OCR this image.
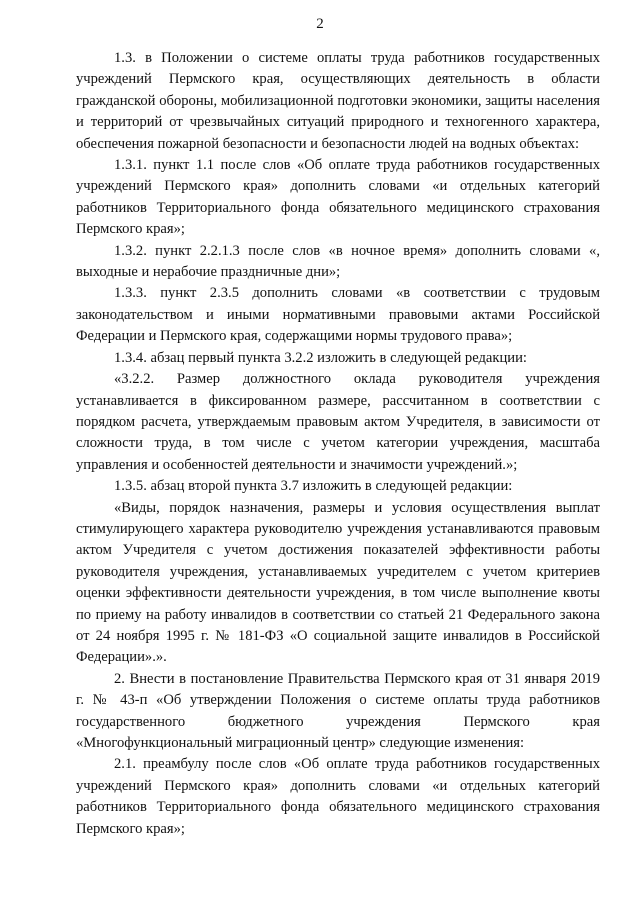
2

1.3. в Положении о системе оплаты труда работников государственных учреждений Пермского края, осуществляющих деятельность в области гражданской обороны, мобилизационной подготовки экономики, защиты населения и территорий от чрезвычайных ситуаций природного и техногенного характера, обеспечения пожарной безопасности и безопасности людей на водных объектах:

1.3.1. пункт 1.1 после слов «Об оплате труда работников государственных учреждений Пермского края» дополнить словами «и отдельных категорий работников Территориального фонда обязательного медицинского страхования Пермского края»;

1.3.2. пункт 2.2.1.3 после слов «в ночное время» дополнить словами «, выходные и нерабочие праздничные дни»;

1.3.3. пункт 2.3.5 дополнить словами «в соответствии с трудовым законодательством и иными нормативными правовыми актами Российской Федерации и Пермского края, содержащими нормы трудового права»;

1.3.4. абзац первый пункта 3.2.2 изложить в следующей редакции:

«3.2.2. Размер должностного оклада руководителя учреждения устанавливается в фиксированном размере, рассчитанном в соответствии с порядком расчета, утверждаемым правовым актом Учредителя, в зависимости от сложности труда, в том числе с учетом категории учреждения, масштаба управления и особенностей деятельности и значимости учреждений.»;

1.3.5. абзац второй пункта 3.7 изложить в следующей редакции:

«Виды, порядок назначения, размеры и условия осуществления выплат стимулирующего характера руководителю учреждения устанавливаются правовым актом Учредителя с учетом достижения показателей эффективности работы руководителя учреждения, устанавливаемых учредителем с учетом критериев оценки эффективности деятельности учреждения, в том числе выполнение квоты по приему на работу инвалидов в соответствии со статьей 21 Федерального закона от 24 ноября 1995 г. № 181-ФЗ «О социальной защите инвалидов в Российской Федерации».».

2. Внести в постановление Правительства Пермского края от 31 января 2019 г. № 43-п «Об утверждении Положения о системе оплаты труда работников государственного бюджетного учреждения Пермского края «Многофункциональный миграционный центр» следующие изменения:

2.1. преамбулу после слов «Об оплате труда работников государственных учреждений Пермского края» дополнить словами «и отдельных категорий работников Территориального фонда обязательного медицинского страхования Пермского края»;
